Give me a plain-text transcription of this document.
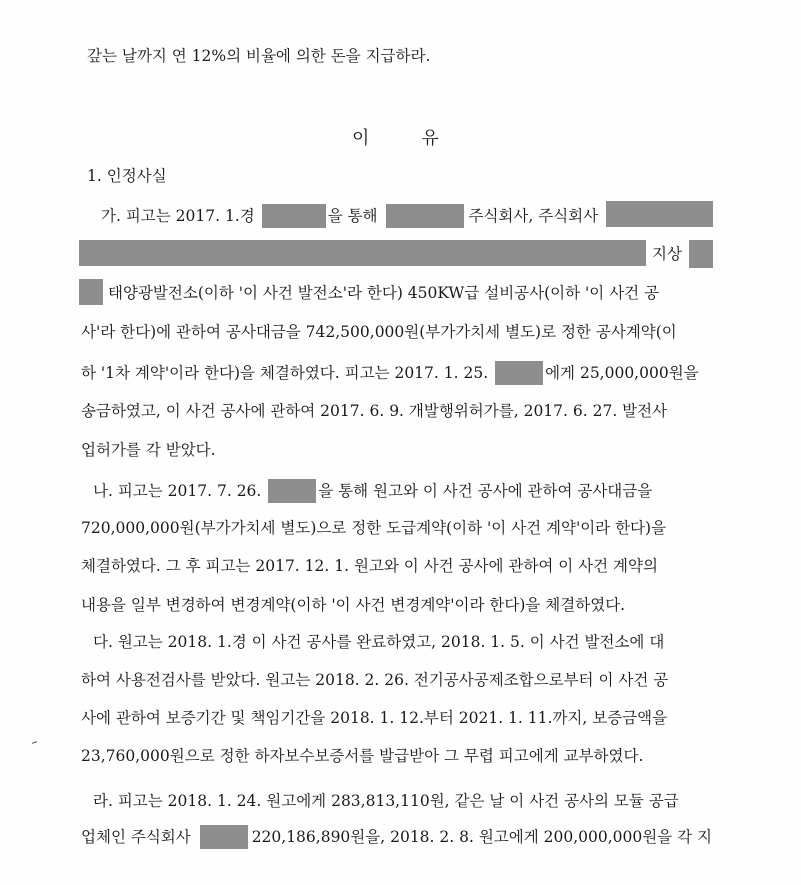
갚는 날까지 연 12%의 비율에 의한 돈을 지급하라.
이	유
1. 인정사실
가. 피고는 2017. 1.경	을 통해	주식회사, 주식회사
지상
태양광발전소(이하 '이 사건 발전소'라 한다) 450KW급 설비공사(이하 '이 사건 공
사'라 한다)에 관하여 공사대금을 742,500,000원(부가가치세 별도)로 정한 공사계약(이
하 '1차 계약'이라 한다)을 체결하였다. 피고는 2017. 1. 25.	에게 25,000,000원을
송금하였고, 이 사건 공사에 관하여 2017. 6. 9. 개발행위허가를, 2017. 6. 27. 발전사
업허가를 각 받았다.
나. 피고는 2017. 7. 26.	을 통해 원고와 이 사건 공사에 관하여 공사대금을
720,000,000원(부가가치세 별도)으로 정한 도급계약(이하 '이 사건 계약'이라 한다)을
체결하였다. 그 후 피고는 2017. 12. 1. 원고와 이 사건 공사에 관하여 이 사건 계약의
내용을 일부 변경하여 변경계약(이하 '이 사건 변경계약'이라 한다)을 체결하였다.
다. 원고는 2018. 1.경 이 사건 공사를 완료하였고, 2018. 1. 5. 이 사건 발전소에 대
하여 사용전검사를 받았다. 원고는 2018. 2. 26. 전기공사공제조합으로부터 이 사건 공
사에 관하여 보증기간 및 책임기간을 2018. 1. 12.부터 2021. 1. 11.까지, 보증금액을
23,760,000원으로 정한 하자보수보증서를 발급받아 그 무렵 피고에게 교부하였다.
라. 피고는 2018. 1. 24. 원고에게 283,813,110원, 같은 날 이 사건 공사의 모듈 공급
업체인 주식회사	220,186,890원을, 2018. 2. 8. 원고에게 200,000,000원을 각 지
